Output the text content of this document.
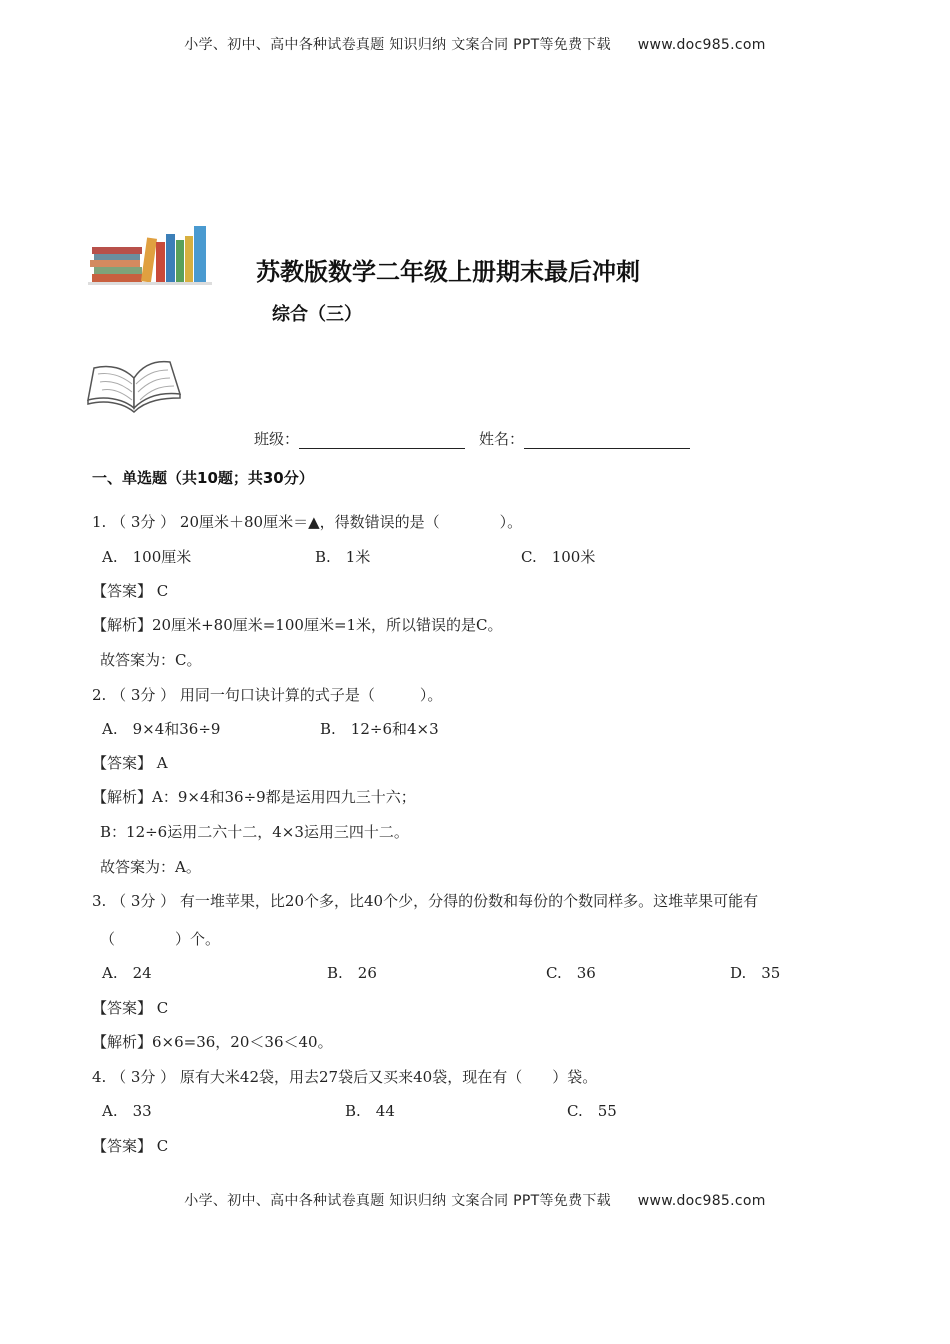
小学、初中、高中各种试卷真题 知识归纳 文案合同 PPT等免费下载 www.doc985.com
苏教版数学二年级上册期末最后冲刺
综合（三）
班级：	姓名：
一、单选题（共10题；共30分）
1. （ 3分 ） 20厘米＋80厘米＝▲，得数错误的是（　　　　）。
A.　100厘米	B.　1米	C.　100米
【答案】 C
【解析】20厘米+80厘米=100厘米=1米，所以错误的是C。
故答案为：C。
2. （ 3分 ） 用同一句口诀计算的式子是（　　　）。
A.　9×4和36÷9	B.　12÷6和4×3
【答案】 A
【解析】A：9×4和36÷9都是运用四九三十六；
B：12÷6运用二六十二，4×3运用三四十二。
故答案为：A。
3. （ 3分 ） 有一堆苹果，比20个多，比40个少，分得的份数和每份的个数同样多。这堆苹果可能有
（　　　　）个。
A.　24	B.　26	C.　36	D.　35
【答案】 C
【解析】6×6=36，20＜36＜40。
4. （ 3分 ） 原有大米42袋，用去27袋后又买来40袋，现在有（　　）袋。
A.　33	B.　44	C.　55
【答案】 C
小学、初中、高中各种试卷真题 知识归纳 文案合同 PPT等免费下载 www.doc985.com
